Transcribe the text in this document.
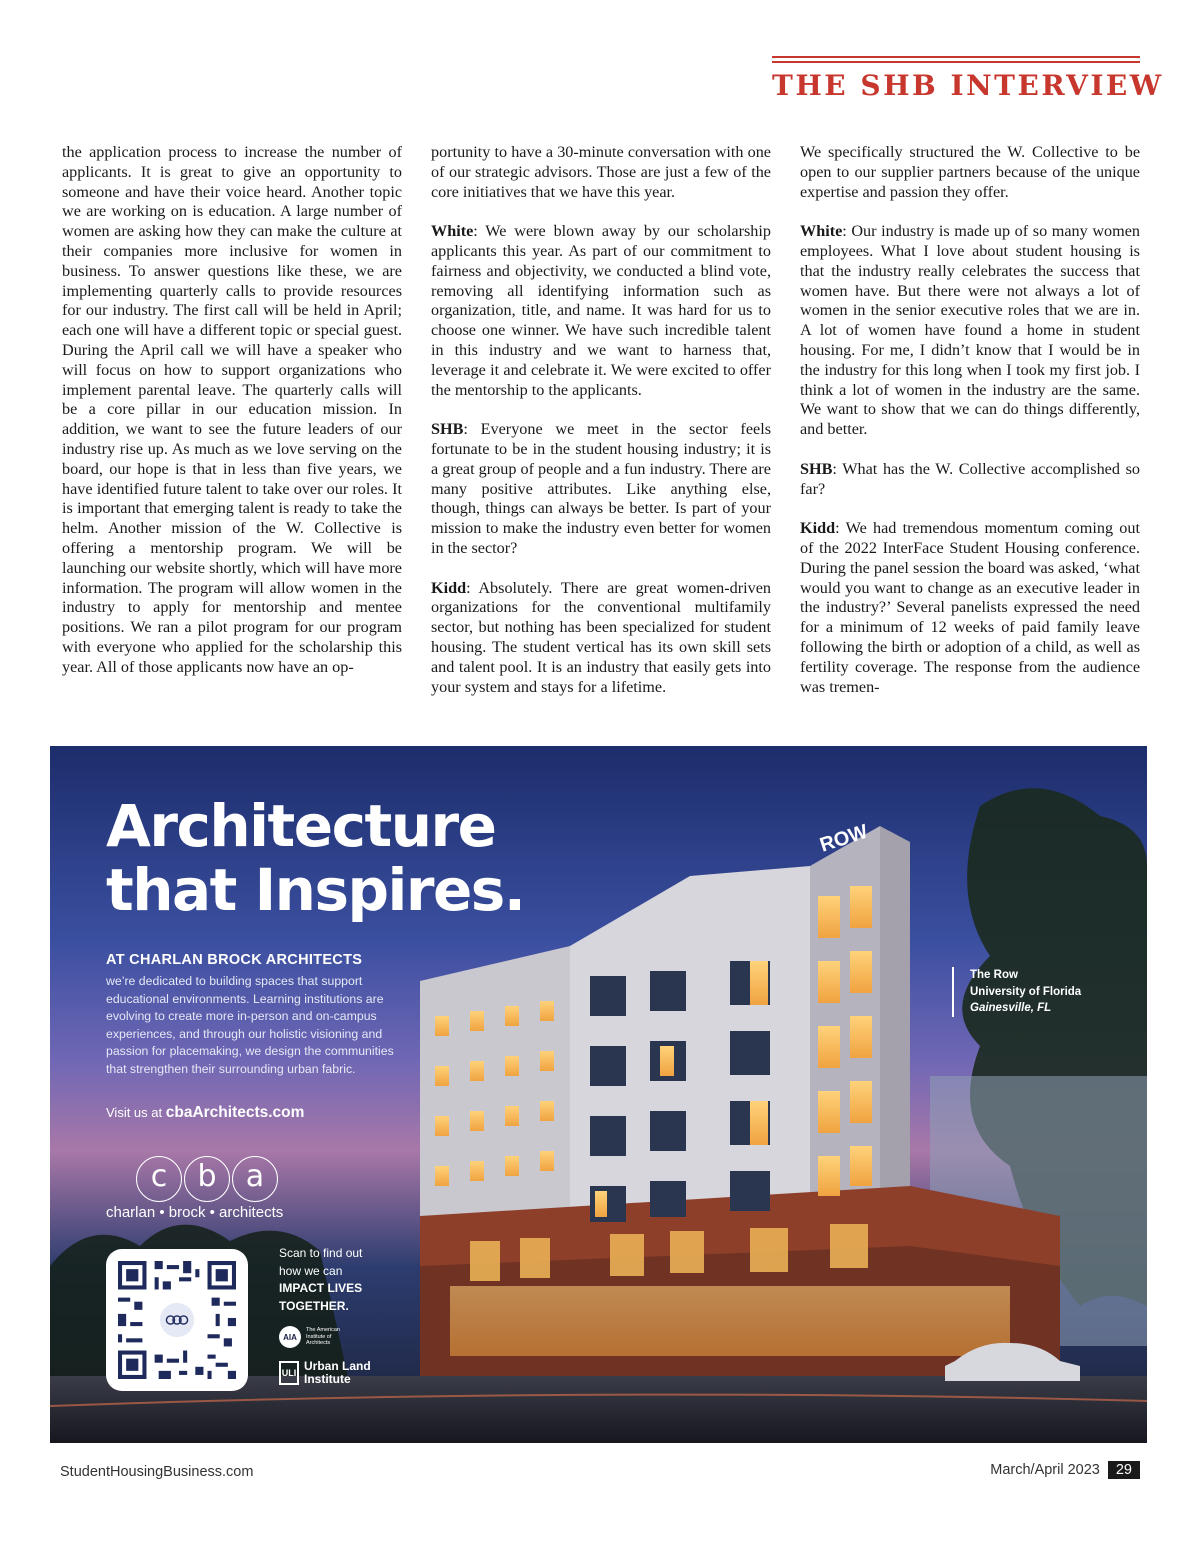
THE SHB INTERVIEW

the application process to increase the number of applicants. It is great to give an opportunity to someone and have their voice heard. Another topic we are working on is education. A large number of women are asking how they can make the culture at their companies more inclusive for women in business. To answer questions like these, we are implementing quarterly calls to provide resources for our industry. The first call will be held in April; each one will have a different topic or special guest. During the April call we will have a speaker who will focus on how to support organizations who implement parental leave. The quarterly calls will be a core pillar in our education mission. In addition, we want to see the future leaders of our industry rise up. As much as we love serving on the board, our hope is that in less than five years, we have identified future talent to take over our roles. It is important that emerging talent is ready to take the helm. Another mission of the W. Collective is offering a mentorship program. We will be launching our website shortly, which will have more information. The program will allow women in the industry to apply for mentorship and mentee positions. We ran a pilot program for our program with everyone who applied for the scholarship this year. All of those applicants now have an op-

portunity to have a 30-minute conversation with one of our strategic advisors. Those are just a few of the core initiatives that we have this year.

White: We were blown away by our scholarship applicants this year. As part of our commitment to fairness and objectivity, we conducted a blind vote, removing all identifying information such as organization, title, and name. It was hard for us to choose one winner. We have such incredible talent in this industry and we want to harness that, leverage it and celebrate it. We were excited to offer the mentorship to the applicants.

SHB: Everyone we meet in the sector feels fortunate to be in the student housing industry; it is a great group of people and a fun industry. There are many positive attributes. Like anything else, though, things can always be better. Is part of your mission to make the industry even better for women in the sector?

Kidd: Absolutely. There are great women-driven organizations for the conventional multifamily sector, but nothing has been specialized for student housing. The student vertical has its own skill sets and talent pool. It is an industry that easily gets into your system and stays for a lifetime.

We specifically structured the W. Collective to be open to our supplier partners because of the unique expertise and passion they offer.

White: Our industry is made up of so many women employees. What I love about student housing is that the industry really celebrates the success that women have. But there were not always a lot of women in the senior executive roles that we are in. A lot of women have found a home in student housing. For me, I didn’t know that I would be in the industry for this long when I took my first job. I think a lot of women in the industry are the same. We want to show that we can do things differently, and better.

SHB: What has the W. Collective accomplished so far?

Kidd: We had tremendous momentum coming out of the 2022 InterFace Student Housing conference. During the panel session the board was asked, ‘what would you want to change as an executive leader in the industry?’ Several panelists expressed the need for a minimum of 12 weeks of paid family leave following the birth or adoption of a child, as well as fertility coverage. The response from the audience was tremen-

ROW
Architecture
that Inspires.
AT CHARLAN BROCK ARCHITECTS
we’re dedicated to building spaces that support educational environments. Learning institutions are evolving to create more in-person and on-campus experiences, and through our holistic visioning and passion for placemaking, we design the communities that strengthen their surrounding urban fabric.
Visit us at cbaArchitects.com
c	b a
charlan • brock • architects
Scan to find out
how we can
IMPACT LIVES
TOGETHER.
AIA
The American Institute of Architects
ULI Urban Land
Institute
The Row
University of Florida
Gainesville, FL
StudentHousingBusiness.com	March/April 2023	29
